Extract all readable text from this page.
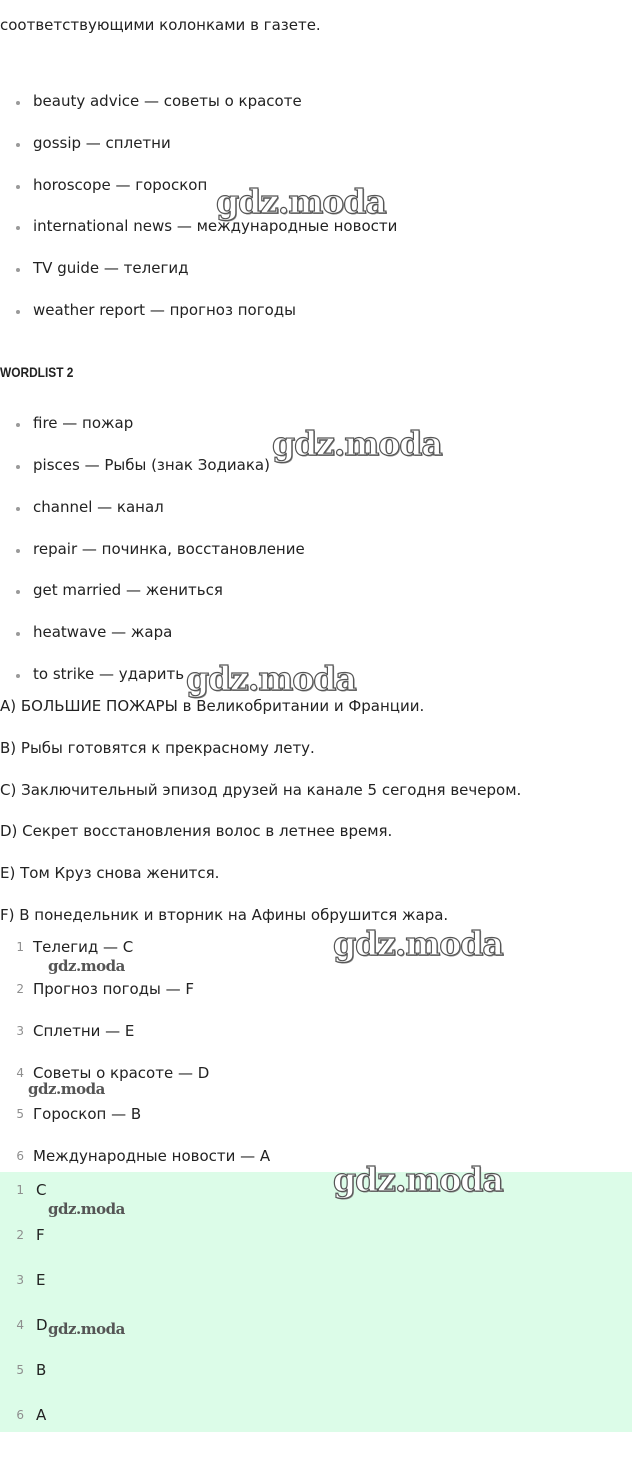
соответствующими колонками в газете.
beauty advice — советы о красоте
gossip — сплетни
horoscope — гороскоп
international news — международные новости
TV guide — телегид
weather report — прогноз погоды
WORDLIST 2
fire — пожар
pisces — Рыбы (знак Зодиака)
channel — канал
repair — починка, восстановление
get married — жениться
heatwave — жара
to strike — ударить
A) БОЛЬШИЕ ПОЖАРЫ в Великобритании и Франции.
B) Рыбы готовятся к прекрасному лету.
C) Заключительный эпизод друзей на канале 5 сегодня вечером.
D) Секрет восстановления волос в летнее время.
E) Том Круз снова женится.
F) В понедельник и вторник на Афины обрушится жара.
1 Телегид — C
2 Прогноз погоды — F
3 Сплетни — E
4 Советы о красоте — D
5 Гороскоп — B
6 Международные новости — A
1 C
2 F
3 E
4 D
5 B
6 A
gdz.moda
gdz.moda
gdz.moda
gdz.moda
gdz.moda
gdz.moda
gdz.moda
gdz.moda
gdz.moda
